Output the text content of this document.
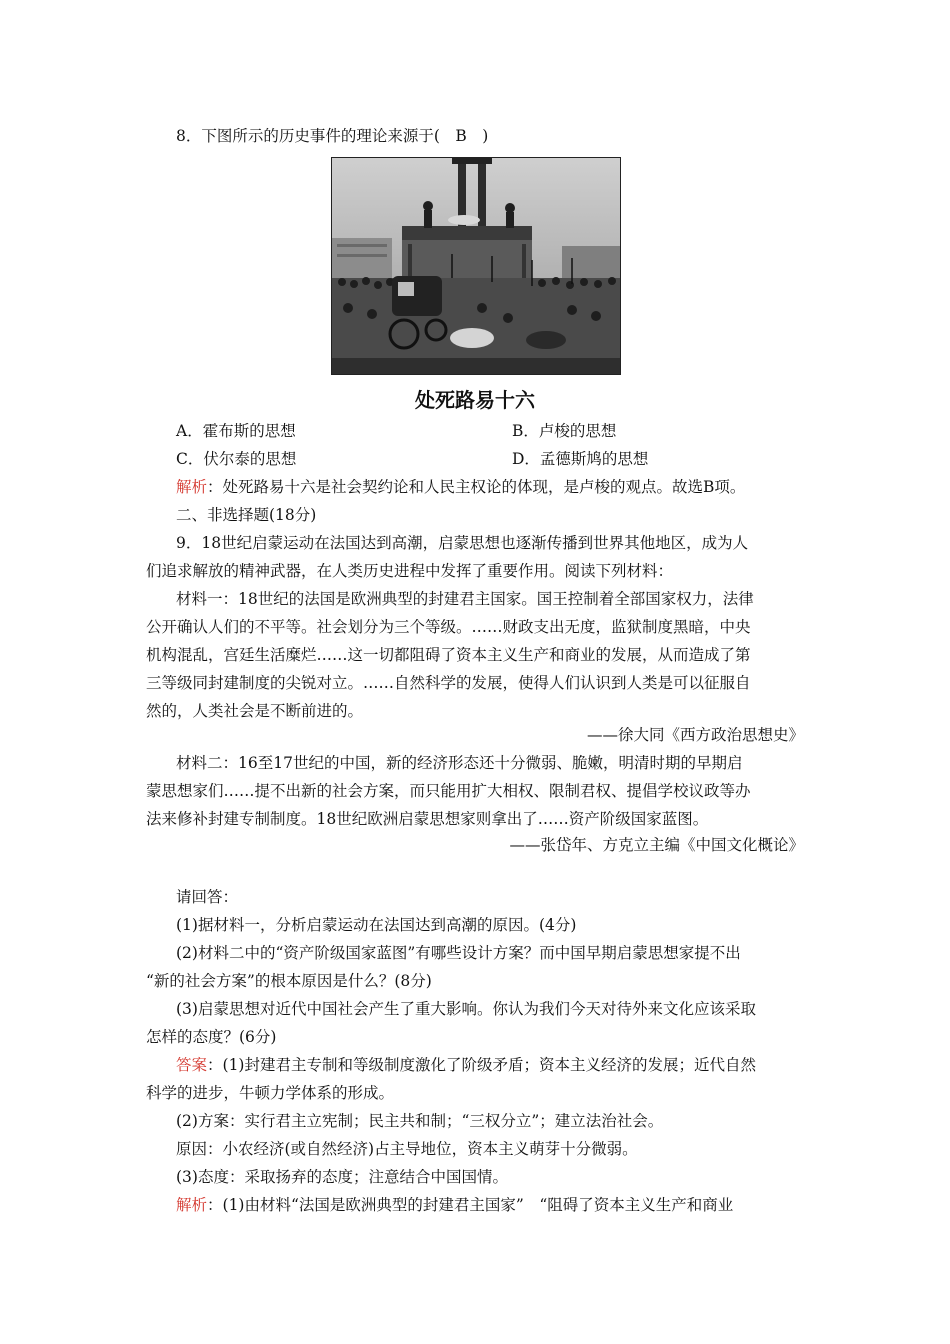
8．下图所示的历史事件的理论来源于(　B　)
处死路易十六
A．霍布斯的思想	B．卢梭的思想
C．伏尔泰的思想	D．孟德斯鸠的思想
解析：处死路易十六是社会契约论和人民主权论的体现，是卢梭的观点。故选B项。
二、非选择题(18分)
9．18世纪启蒙运动在法国达到高潮，启蒙思想也逐渐传播到世界其他地区，成为人
们追求解放的精神武器，在人类历史进程中发挥了重要作用。阅读下列材料：
材料一：18世纪的法国是欧洲典型的封建君主国家。国王控制着全部国家权力，法律
公开确认人们的不平等。社会划分为三个等级。……财政支出无度，监狱制度黑暗，中央
机构混乱，宫廷生活糜烂……这一切都阻碍了资本主义生产和商业的发展，从而造成了第
三等级同封建制度的尖锐对立。……自然科学的发展，使得人们认识到人类是可以征服自
然的，人类社会是不断前进的。
——徐大同《西方政治思想史》
材料二：16至17世纪的中国，新的经济形态还十分微弱、脆嫩，明清时期的早期启
蒙思想家们……提不出新的社会方案，而只能用扩大相权、限制君权、提倡学校议政等办
法来修补封建专制制度。18世纪欧洲启蒙思想家则拿出了……资产阶级国家蓝图。
——张岱年、方克立主编《中国文化概论》
请回答：
(1)据材料一，分析启蒙运动在法国达到高潮的原因。(4分)
(2)材料二中的“资产阶级国家蓝图”有哪些设计方案？而中国早期启蒙思想家提不出
“新的社会方案”的根本原因是什么？(8分)
(3)启蒙思想对近代中国社会产生了重大影响。你认为我们今天对待外来文化应该采取
怎样的态度？(6分)
答案：(1)封建君主专制和等级制度激化了阶级矛盾；资本主义经济的发展；近代自然
科学的进步，牛顿力学体系的形成。
(2)方案：实行君主立宪制；民主共和制；“三权分立”；建立法治社会。
原因：小农经济(或自然经济)占主导地位，资本主义萌芽十分微弱。
(3)态度：采取扬弃的态度；注意结合中国国情。
解析：(1)由材料“法国是欧洲典型的封建君主国家”　“阻碍了资本主义生产和商业
